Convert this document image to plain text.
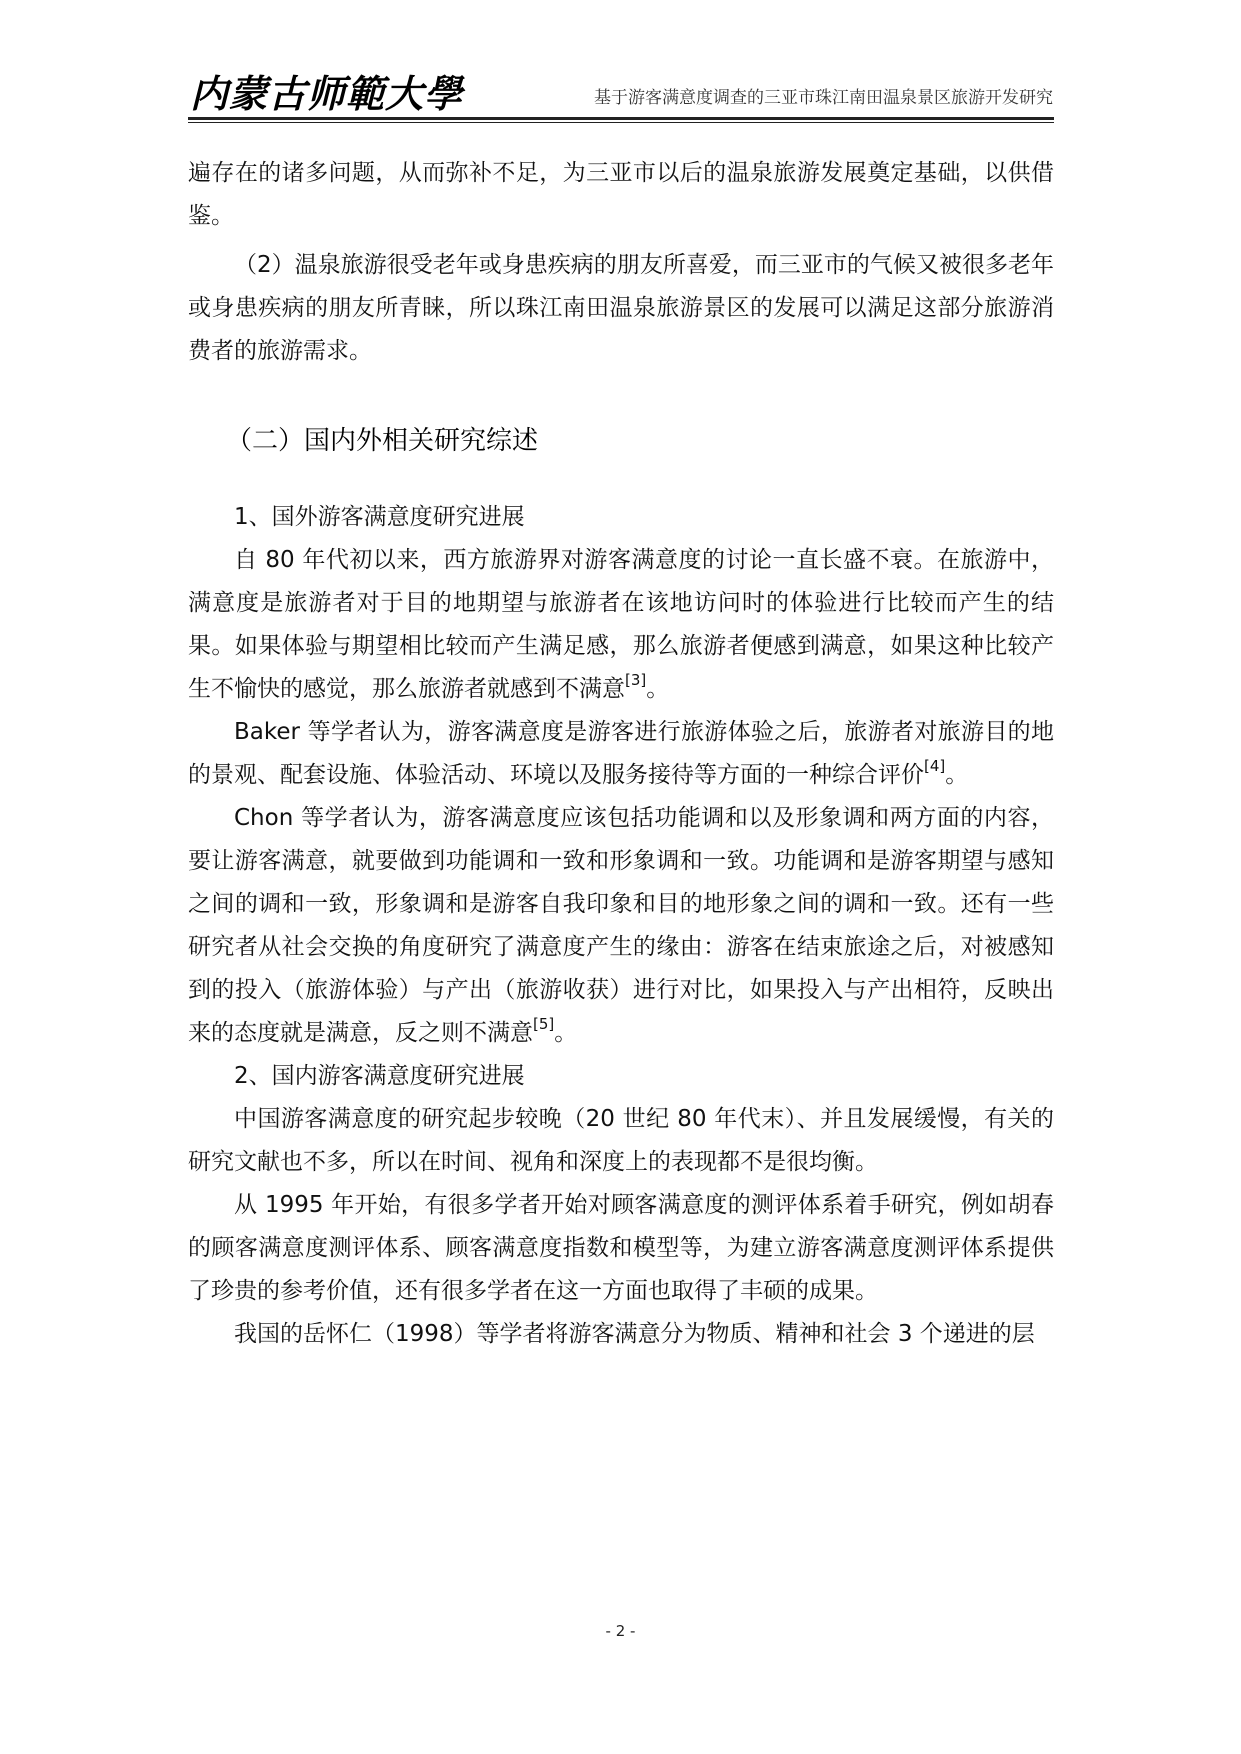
内蒙古师範大學	基于游客满意度调查的三亚市珠江南田温泉景区旅游开发研究

遍存在的诸多问题，从而弥补不足，为三亚市以后的温泉旅游发展奠定基础，以供借鉴。

（2）温泉旅游很受老年或身患疾病的朋友所喜爱，而三亚市的气候又被很多老年或身患疾病的朋友所青睐，所以珠江南田温泉旅游景区的发展可以满足这部分旅游消费者的旅游需求。

（二）国内外相关研究综述

1、国外游客满意度研究进展

自 80 年代初以来，西方旅游界对游客满意度的讨论一直长盛不衰。在旅游中，满意度是旅游者对于目的地期望与旅游者在该地访问时的体验进行比较而产生的结果。如果体验与期望相比较而产生满足感，那么旅游者便感到满意，如果这种比较产生不愉快的感觉，那么旅游者就感到不满意[3]。

Baker 等学者认为，游客满意度是游客进行旅游体验之后，旅游者对旅游目的地的景观、配套设施、体验活动、环境以及服务接待等方面的一种综合评价[4]。

Chon 等学者认为，游客满意度应该包括功能调和以及形象调和两方面的内容，要让游客满意，就要做到功能调和一致和形象调和一致。功能调和是游客期望与感知之间的调和一致，形象调和是游客自我印象和目的地形象之间的调和一致。还有一些研究者从社会交换的角度研究了满意度产生的缘由：游客在结束旅途之后，对被感知到的投入（旅游体验）与产出（旅游收获）进行对比，如果投入与产出相符，反映出来的态度就是满意，反之则不满意[5]。

2、国内游客满意度研究进展

中国游客满意度的研究起步较晚（20 世纪 80 年代末）、并且发展缓慢，有关的研究文献也不多，所以在时间、视角和深度上的表现都不是很均衡。

从 1995 年开始，有很多学者开始对顾客满意度的测评体系着手研究，例如胡春的顾客满意度测评体系、顾客满意度指数和模型等，为建立游客满意度测评体系提供了珍贵的参考价值，还有很多学者在这一方面也取得了丰硕的成果。

我国的岳怀仁（1998）等学者将游客满意分为物质、精神和社会 3 个递进的层

- 2 -
